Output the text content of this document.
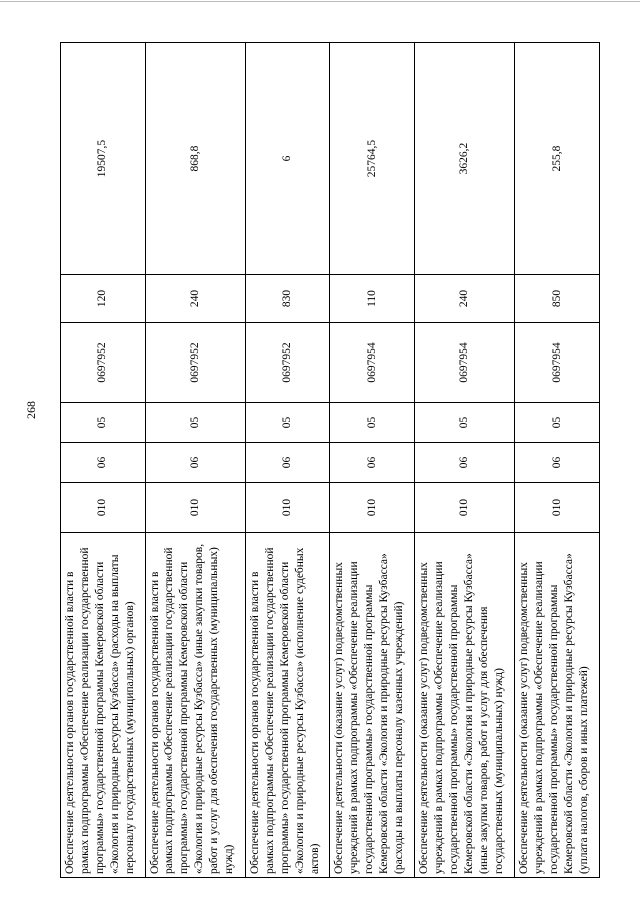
268
Обеспечение деятельности органов государственной власти в рамках подпрограммы «Обеспечение реализации государственной программы» государственной программы Кемеровской области «Экология и природные ресурсы Кузбасса» (расходы на выплаты персоналу государственных (муниципальных) органов)	010	06	05	0697952	120	19507,5
Обеспечение деятельности органов государственной власти в рамках подпрограммы «Обеспечение реализации государственной программы» государственной программы Кемеровской области «Экология и природные ресурсы Кузбасса» (иные закупки товаров, работ и услуг для обеспечения государственных (муниципальных) нужд)	010	06	05	0697952	240	868,8
Обеспечение деятельности органов государственной власти в рамках подпрограммы «Обеспечение реализации государственной программы» государственной программы Кемеровской области «Экология и природные ресурсы Кузбасса» (исполнение судебных актов)	010	06	05	0697952	830	6
Обеспечение деятельности (оказание услуг) подведомственных учреждений в рамках подпрограммы «Обеспечение реализации государственной программы» государственной программы Кемеровской области «Экология и природные ресурсы Кузбасса» (расходы на выплаты персоналу казенных учреждений)	010	06	05	0697954	110	25764,5
Обеспечение деятельности (оказание услуг) подведомственных учреждений в рамках подпрограммы «Обеспечение реализации государственной программы» государственной программы Кемеровской области «Экология и природные ресурсы Кузбасса» (иные закупки товаров, работ и услуг для обеспечения государственных (муниципальных) нужд)	010	06	05	0697954	240	3626,2
Обеспечение деятельности (оказание услуг) подведомственных учреждений в рамках подпрограммы «Обеспечение реализации государственной программы» государственной программы Кемеровской области «Экология и природные ресурсы Кузбасса» (уплата налогов, сборов и иных платежей)	010	06	05	0697954	850	255,8
